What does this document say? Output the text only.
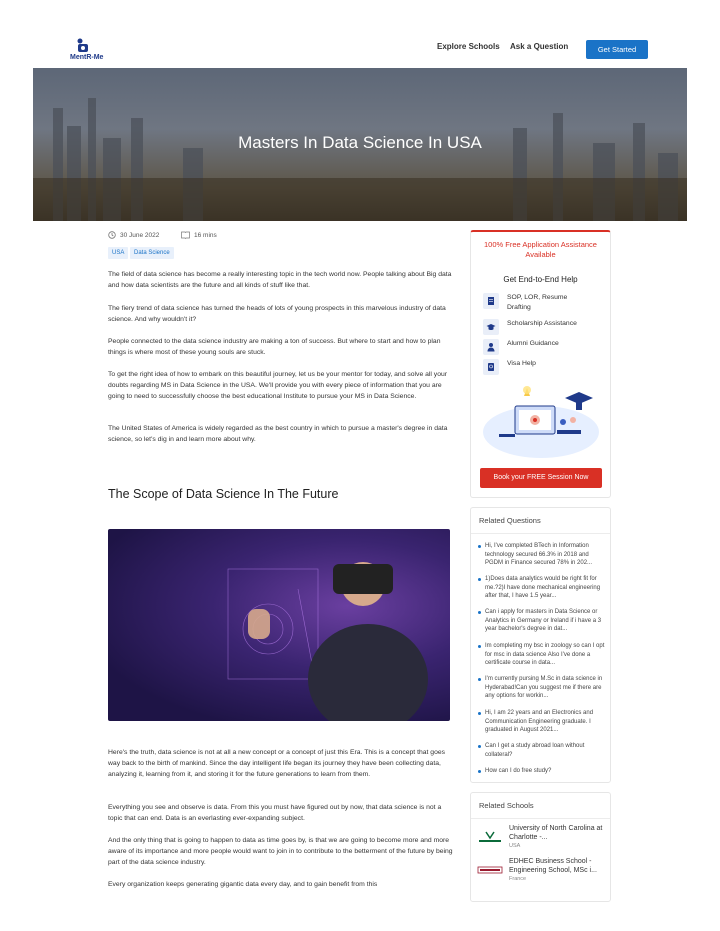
MentR-Me
Explore Schools Ask a Question	Get Started
Masters In Data Science In USA
30 June 2022	16 mins
USA	Data Science

The field of data science has become a really interesting topic in the tech world now. People talking about Big data and how data scientists are the future and all kinds of stuff like that.

The fiery trend of data science has turned the heads of lots of young prospects in this marvelous industry of data science. And why wouldn't it?

People connected to the data science industry are making a ton of success. But where to start and how to plan things is where most of these young souls are stuck.

To get the right idea of how to embark on this beautiful journey, let us be your mentor for today, and solve all your doubts regarding MS in Data Science in the USA. We'll provide you with every piece of information that you are going to need to successfully choose the best educational Institute to pursue your MS in Data Science.

The United States of America is widely regarded as the best country in which to pursue a master's degree in data science, so let's dig in and learn more about why.

The Scope of Data Science In The Future

Here's the truth, data science is not at all a new concept or a concept of just this Era. This is a concept that goes way back to the birth of mankind. Since the day intelligent life began its journey they have been collecting data, analyzing it, learning from it, and storing it for the future generations to learn from them.

Everything you see and observe is data. From this you must have figured out by now, that data science is not a topic that can end. Data is an everlasting ever-expanding subject.

And the only thing that is going to happen to data as time goes by, is that we are going to become more and more aware of its importance and more people would want to join in to contribute to the betterment of the future by being part of the data science industry.

Every organization keeps generating gigantic data every day, and to gain benefit from this

100% Free Application Assistance Available
Get End-to-End Help
SOP, LOR, Resume Drafting
Scholarship Assistance
Alumni Guidance
Visa Help
Book your FREE Session Now
Related Questions
Hi, I've completed BTech in Information technology secured 66.3% in 2018 and PGDM in Finance secured 78% in 202...
1)Does data analytics would be right fit for me.?2)I have done mechanical engineering after that, I have 1.5 year...
Can i apply for masters in Data Science or Analytics in Germany or Ireland if i have a 3 year bachelor's degree in dat...
Im completing my bsc in zoology so can I opt for msc in data science Also I've done a certificate course in data...
I'm currently pursing M.Sc in data science in Hyderabad!Can you suggest me if there are any options for workin...
Hi, I am 22 years and an Electronics and Communication Engineering graduate. I graduated in August 2021...
Can I get a study abroad loan without collateral?
How can I do free study?
Related Schools
University of North Carolina at Charlotte -...
USA
EDHEC Business School - Engineering School, MSc i...
France
